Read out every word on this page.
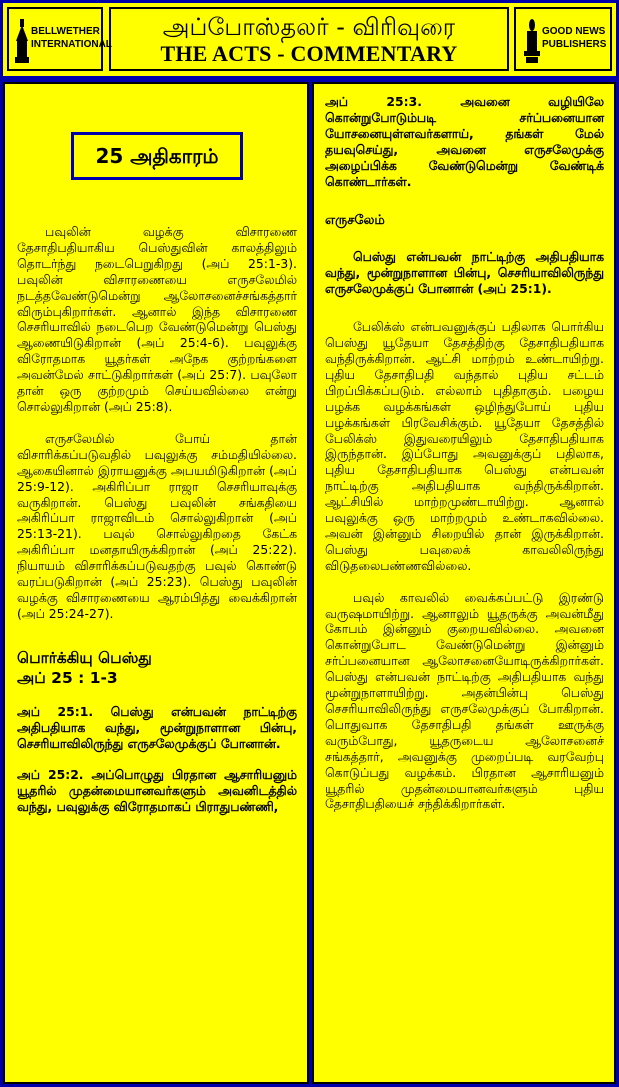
BELLWETHER
INTERNATIONAL
அப்போஸ்தலர் - விரிவுரை
THE ACTS - COMMENTARY
GOOD NEWS
PUBLISHERS
25 அதிகாரம்

பவுலின் வழக்கு விசாரணை தேசாதிபதியாகிய பெஸ்துவின் காலத்திலும் தொடர்ந்து நடைபெறுகிறது (அப் 25:1-3). பவுலின் விசாரணையை எருசலேமில் நடத்தவேண்டுமென்று ஆலோசனைச்சங்கத்தார் விரும்புகிறார்கள். ஆனால் இந்த விசாரணை செசரியாவில் நடைபெற வேண்டுமென்று பெஸ்து ஆணையிடுகிறான் (அப் 25:4-6). பவுலுக்கு விரோதமாக யூதர்கள் அநேக குற்றங்களை அவன்மேல் சாட்டுகிறார்கள் (அப் 25:7). பவுலோ தான் ஒரு குற்றமும் செய்யவில்லை என்று சொல்லுகிறான் (அப் 25:8).

எருசலேமில் போய் தான் விசாரிக்கப்படுவதில் பவுலுக்கு சம்மதியில்லை. ஆகையினால் இராயனுக்கு அபயமிடுகிறான் (அப் 25:9-12). அகிரிப்பா ராஜா செசரியாவுக்கு வருகிறான். பெஸ்து பவுலின் சங்கதியை அகிரிப்பா ராஜாவிடம் சொல்லுகிறான் (அப் 25:13-21). பவுல் சொல்லுகிறதை கேட்க அகிரிப்பா மனதாயிருக்கிறான் (அப் 25:22). நியாயம் விசாரிக்கப்படுவதற்கு பவுல் கொண்டு வரப்படுகிறான் (அப் 25:23). பெஸ்து பவுலின் வழக்கு விசாரணையை ஆரம்பித்து வைக்கிறான் (அப் 25:24-27).

பொர்க்கியு பெஸ்து
அப் 25 : 1-3

அப் 25:1. பெஸ்து என்பவன் நாட்டிற்கு அதிபதியாக வந்து, மூன்றுநாளான பின்பு, செசரியாவிலிருந்து எருசலேமுக்குப் போனான்.

அப் 25:2. அப்பொழுது பிரதான ஆசாரியனும் யூதரில் முதன்மையானவர்களும் அவனிடத்தில் வந்து, பவுலுக்கு விரோதமாகப் பிராதுபண்ணி,

அப் 25:3. அவனை வழியிலே கொன்றுபோடும்படி சர்ப்பனையான யோசனையுள்ளவர்களாய், தங்கள் மேல் தயவுசெய்து, அவனை எருசலேமுக்கு அழைப்பிக்க வேண்டுமென்று வேண்டிக் கொண்டார்கள்.

எருசலேம்

பெஸ்து என்பவன் நாட்டிற்கு அதிபதியாக வந்து, மூன்றுநாளான பின்பு, செசரியாவிலிருந்து எருசலேமுக்குப் போனான் (அப் 25:1).

பேலிக்ஸ் என்பவனுக்குப் பதிலாக பொர்கிய பெஸ்து யூதேயா தேசத்திற்கு தேசாதிபதியாக வந்திருக்கிறான். ஆட்சி மாற்றம் உண்டாயிற்று. புதிய தேசாதிபதி வந்தால் புதிய சட்டம் பிறப்பிக்கப்படும். எல்லாம் புதிதாகும். பழைய பழக்க வழக்கங்கள் ஒழிந்துபோய் புதிய பழக்கங்கள் பிரவேசிக்கும். யூதேயா தேசத்தில் பேலிக்ஸ் இதுவரையிலும் தேசாதிபதியாக இருந்தான். இப்போது அவனுக்குப் பதிலாக, புதிய தேசாதிபதியாக பெஸ்து என்பவன் நாட்டிற்கு அதிபதியாக வந்திருக்கிறான். ஆட்சியில் மாற்றமுண்டாயிற்று. ஆனால் பவுலுக்கு ஒரு மாற்றமும் உண்டாகவில்லை. அவன் இன்னும் சிறையில் தான் இருக்கிறான். பெஸ்து பவுலைக் காவலிலிருந்து விடுதலைபண்ணவில்லை.

பவுல் காவலில் வைக்கப்பட்டு இரண்டு வருஷமாயிற்று. ஆனாலும் யூதருக்கு அவன்மீது கோபம் இன்னும் குறையவில்லை. அவனை கொன்றுபோட வேண்டுமென்று இன்னும் சர்ப்பனையான ஆலோசனையோடிருக்கிறார்கள். பெஸ்து என்பவன் நாட்டிற்கு அதிபதியாக வந்து மூன்றுநாளாயிற்று. அதன்பின்பு பெஸ்து செசரியாவிலிருந்து எருசலேமுக்குப் போகிறான். பொதுவாக தேசாதிபதி தங்கள் ஊருக்கு வரும்போது, யூதருடைய ஆலோசனைச் சங்கத்தார், அவனுக்கு முறைப்படி வரவேற்பு கொடுப்பது வழக்கம். பிரதான ஆசாரியனும் யூதரில் முதன்மையானவர்களும் புதிய தேசாதிபதியைச் சந்திக்கிறார்கள்.
